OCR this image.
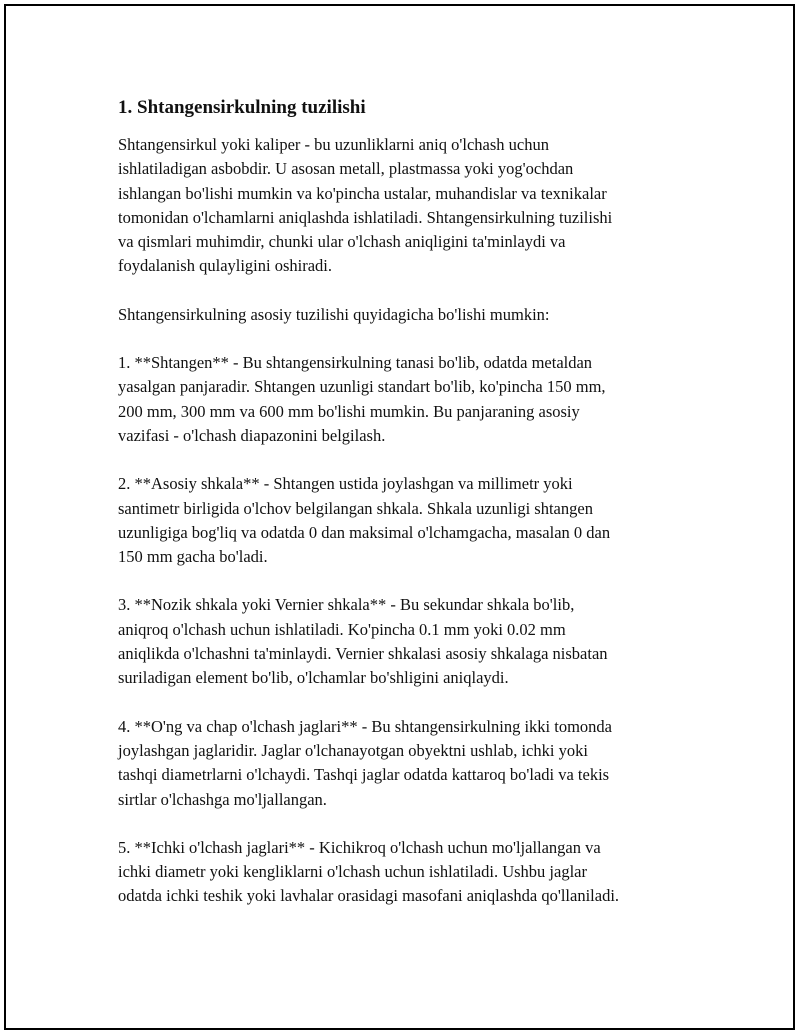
1. Shtangensirkulning tuzilishi

Shtangensirkul yoki kaliper - bu uzunliklarni aniq o'lchash uchun
ishlatiladigan asbobdir. U asosan metall, plastmassa yoki yog'ochdan
ishlangan bo'lishi mumkin va ko'pincha ustalar, muhandislar va texnikalar
tomonidan o'lchamlarni aniqlashda ishlatiladi. Shtangensirkulning tuzilishi
va qismlari muhimdir, chunki ular o'lchash aniqligini ta'minlaydi va
foydalanish qulayligini oshiradi.

Shtangensirkulning asosiy tuzilishi quyidagicha bo'lishi mumkin:

1. **Shtangen** - Bu shtangensirkulning tanasi bo'lib, odatda metaldan
yasalgan panjaradir. Shtangen uzunligi standart bo'lib, ko'pincha 150 mm,
200 mm, 300 mm va 600 mm bo'lishi mumkin. Bu panjaraning asosiy
vazifasi - o'lchash diapazonini belgilash.

2. **Asosiy shkala** - Shtangen ustida joylashgan va millimetr yoki
santimetr birligida o'lchov belgilangan shkala. Shkala uzunligi shtangen
uzunligiga bog'liq va odatda 0 dan maksimal o'lchamgacha, masalan 0 dan
150 mm gacha bo'ladi.

3. **Nozik shkala yoki Vernier shkala** - Bu sekundar shkala bo'lib,
aniqroq o'lchash uchun ishlatiladi. Ko'pincha 0.1 mm yoki 0.02 mm
aniqlikda o'lchashni ta'minlaydi. Vernier shkalasi asosiy shkalaga nisbatan
suriladigan element bo'lib, o'lchamlar bo'shligini aniqlaydi.

4. **O'ng va chap o'lchash jaglari** - Bu shtangensirkulning ikki tomonda
joylashgan jaglaridir. Jaglar o'lchanayotgan obyektni ushlab, ichki yoki
tashqi diametrlarni o'lchaydi. Tashqi jaglar odatda kattaroq bo'ladi va tekis
sirtlar o'lchashga mo'ljallangan.

5. **Ichki o'lchash jaglari** - Kichikroq o'lchash uchun mo'ljallangan va
ichki diametr yoki kengliklarni o'lchash uchun ishlatiladi. Ushbu jaglar
odatda ichki teshik yoki lavhalar orasidagi masofani aniqlashda qo'llaniladi.
